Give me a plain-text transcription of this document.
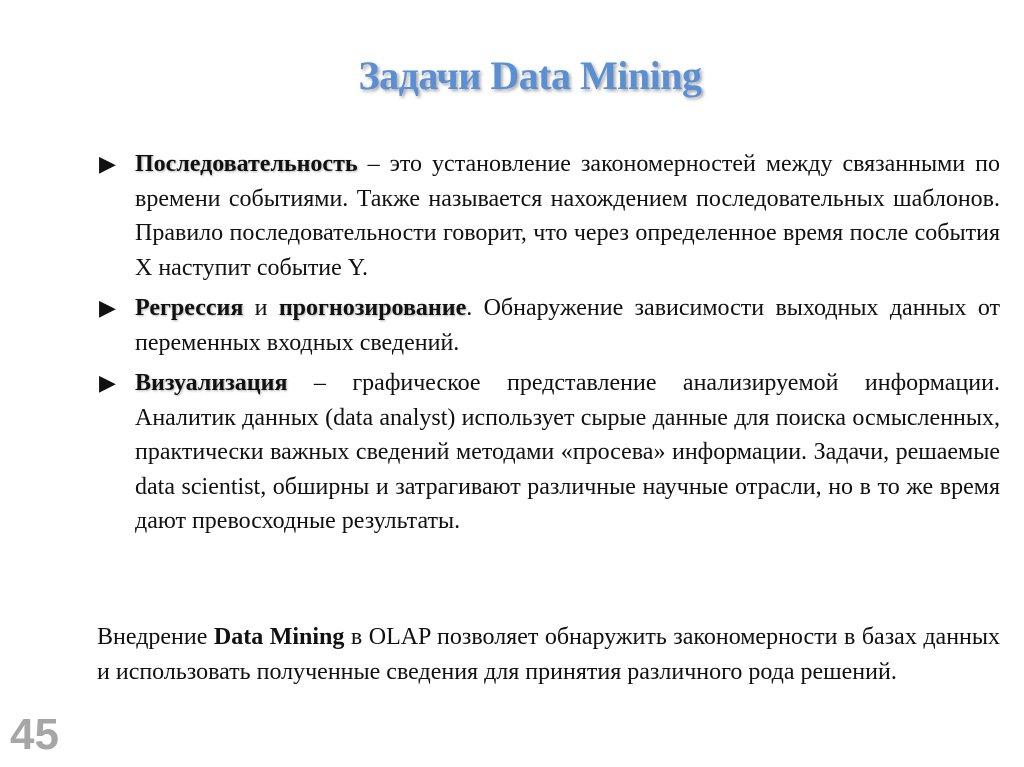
Задачи Data Mining
▶ Последовательность – это установление закономерностей между связанными по времени событиями. Также называется нахождением последовательных шаблонов. Правило последовательности говорит, что через определенное время после события X наступит событие Y.
▶ Регрессия и прогнозирование. Обнаружение зависимости выходных данных от переменных входных сведений.
▶ Визуализация – графическое представление анализируемой информации. Аналитик данных (data analyst) использует сырые данные для поиска осмысленных, практически важных сведений методами «просева» информации. Задачи, решаемые data scientist, обширны и затрагивают различные научные отрасли, но в то же время дают превосходные результаты.
Внедрение Data Mining в OLAP позволяет обнаружить закономерности в базах данных и использовать полученные сведения для принятия различного рода решений.
45
